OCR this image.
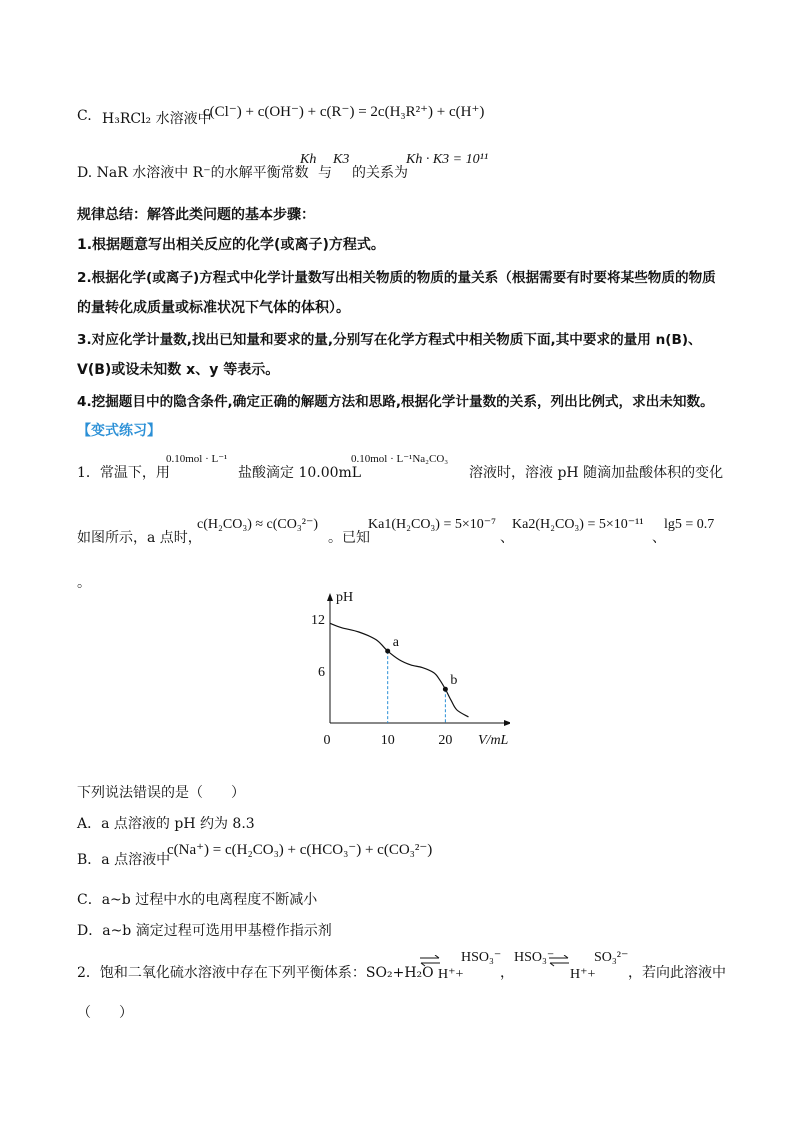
C. H₃RCl₂ 水溶液中
c(Cl⁻) + c(OH⁻) + c(R⁻) = 2c(H₃R²⁺) + c(H⁺)
D. NaR 水溶液中 R⁻的水解平衡常数
Kh
与
K3
的关系为
Kh · K3 = 10¹¹
规律总结：解答此类问题的基本步骤：
1.根据题意写出相关反应的化学(或离子)方程式。
2.根据化学(或离子)方程式中化学计量数写出相关物质的物质的量关系（根据需要有时要将某些物质的物质
的量转化成质量或标准状况下气体的体积）。
3.对应化学计量数,找出已知量和要求的量,分别写在化学方程式中相关物质下面,其中要求的量用 n(B)、
V(B)或设未知数 x、y 等表示。
4.挖掘题目中的隐含条件,确定正确的解题方法和思路,根据化学计量数的关系，列出比例式，求出未知数。
【变式练习】
1．常温下，用
0.10mol · L⁻¹
盐酸滴定 10.00mL
0.10mol · L⁻¹Na₂CO₃
溶液时，溶液 pH 随滴加盐酸体积的变化
如图所示，a 点时，
c(H₂CO₃) ≈ c(CO₃²⁻)
。已知
Ka1(H₂CO₃) = 5×10⁻⁷
、
Ka2(H₂CO₃) = 5×10⁻¹¹
、
lg5 = 0.7
。
pH
V/mL
0	10	20
6
12
a
b
下列说法错误的是（　　）
A．a 点溶液的 pH 约为 8.3
B．a 点溶液中
c(Na⁺) = c(H₂CO₃) + c(HCO₃⁻) + c(CO₃²⁻)
C．a~b 过程中水的电离程度不断减小
D．a~b 滴定过程可选用甲基橙作指示剂
2．饱和二氧化硫水溶液中存在下列平衡体系：SO₂+H₂O H⁺+
HSO₃⁻
，
HSO₃⁻
H⁺+
SO₃²⁻
，若向此溶液中
（　　）
